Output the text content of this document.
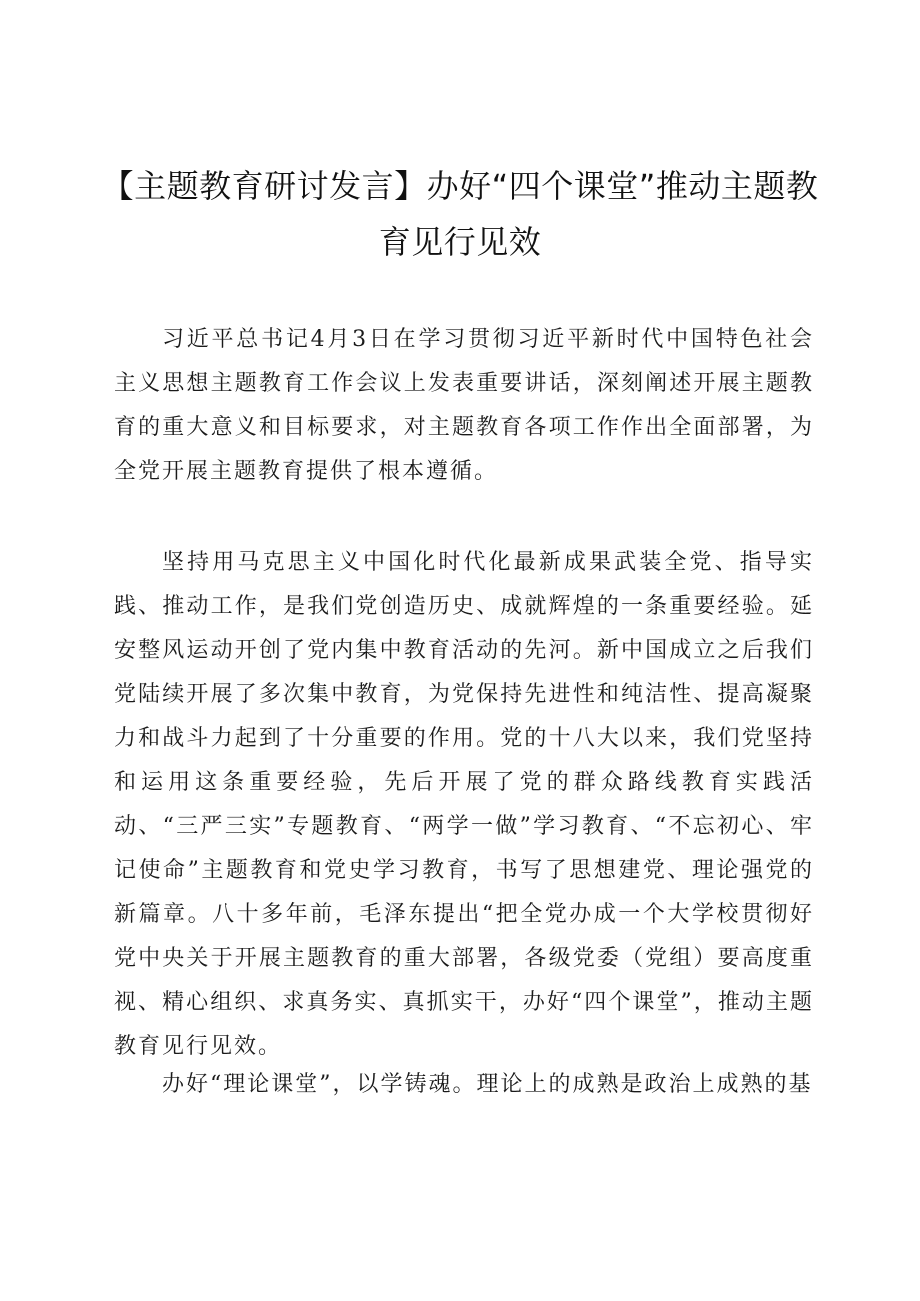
【主题教育研讨发言】办好“四个课堂”推动主题教育见行见效

习近平总书记4月3日在学习贯彻习近平新时代中国特色社会主义思想主题教育工作会议上发表重要讲话，深刻阐述开展主题教育的重大意义和目标要求，对主题教育各项工作作出全面部署，为全党开展主题教育提供了根本遵循。

坚持用马克思主义中国化时代化最新成果武装全党、指导实践、推动工作，是我们党创造历史、成就辉煌的一条重要经验。延安整风运动开创了党内集中教育活动的先河。新中国成立之后我们党陆续开展了多次集中教育，为党保持先进性和纯洁性、提高凝聚力和战斗力起到了十分重要的作用。党的十八大以来，我们党坚持和运用这条重要经验，先后开展了党的群众路线教育实践活动、“三严三实”专题教育、“两学一做”学习教育、“不忘初心、牢记使命”主题教育和党史学习教育，书写了思想建党、理论强党的新篇章。八十多年前，毛泽东提出“把全党办成一个大学校贯彻好党中央关于开展主题教育的重大部署，各级党委（党组）要高度重视、精心组织、求真务实、真抓实干，办好“四个课堂”，推动主题教育见行见效。

办好“理论课堂”，以学铸魂。理论上的成熟是政治上成熟的基
